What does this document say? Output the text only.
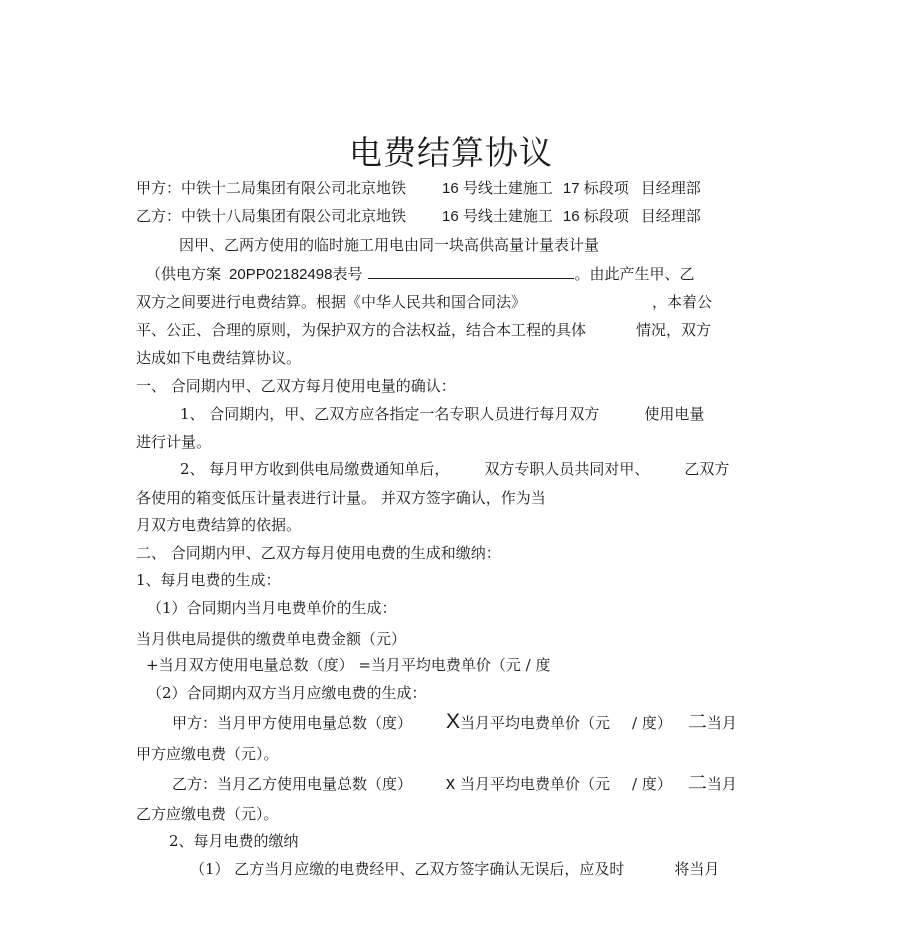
电费结算协议
甲方：中铁十二局集团有限公司北京地铁 16 号线土建施工 17 标段项 目经理部
乙方：中铁十八局集团有限公司北京地铁 16 号线土建施工 16 标段项 目经理部
因甲、乙两方使用的临时施工用电由同一块高供高量计量表计量
（供电方案 20PP02182498表号	。由此产生甲、乙
双方之间要进行电费结算。根据《中华人民共和国合同法》	，本着公
平、公正、合理的原则，为保护双方的合法权益，结合本工程的具体	情况，双方
达成如下电费结算协议。
一、 合同期内甲、乙双方每月使用电量的确认：
1、 合同期内，甲、乙双方应各指定一名专职人员进行每月双方	使用电量
进行计量。
2、 每月甲方收到供电局缴费通知单后， 双方专职人员共同对甲、 乙双方
各使用的箱变低压计量表进行计量。 并双方签字确认，作为当
月双方电费结算的依据。
二、 合同期内甲、乙双方每月使用电费的生成和缴纳：
1、每月电费的生成：
（1）合同期内当月电费单价的生成：
当月供电局提供的缴费单电费金额（元）
+当月双方使用电量总数（度） =当月平均电费单价（元 / 度
（2）合同期内双方当月应缴电费的生成：
甲方：当月甲方使用电量总数（度） X当月平均电费单价（元 / 度） 二当月
甲方应缴电费（元）。
乙方：当月乙方使用电量总数（度） x 当月平均电费单价（元 / 度） 二当月
乙方应缴电费（元）。
2、每月电费的缴纳
（1） 乙方当月应缴的电费经甲、乙双方签字确认无误后，应及时	将当月
